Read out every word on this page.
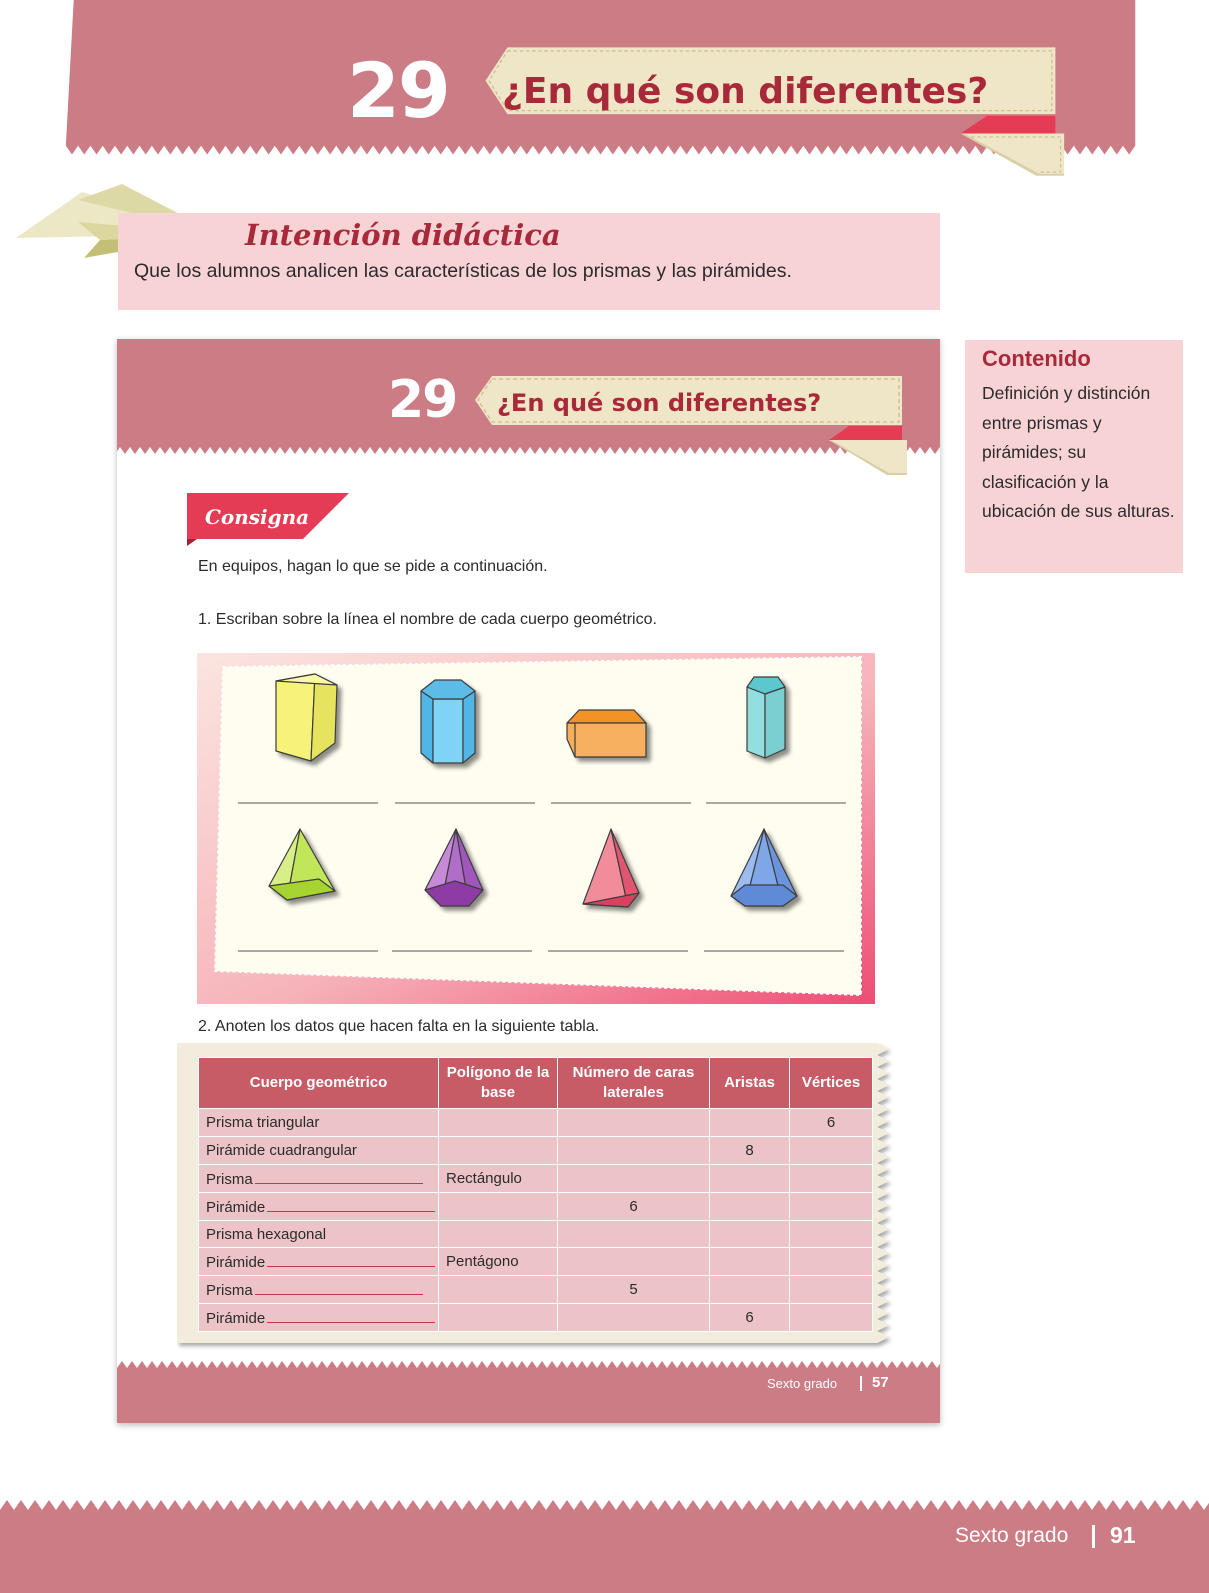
29 ¿En qué son diferentes?
Intención didáctica
Que los alumnos analicen las características de los prismas y las pirámides.
Contenido
Definición y distinción entre prismas y pirámides; su clasificación y la ubicación de sus alturas.
29 ¿En qué son diferentes?
Consigna
En equipos, hagan lo que se pide a continuación.
1. Escriban sobre la línea el nombre de cada cuerpo geométrico.
2. Anoten los datos que hacen falta en la siguiente tabla.
Cuerpo geométrico	Polígono de la base	Número de caras laterales	Aristas	Vértices
Prisma triangular				6
Pirámide cuadrangular			8	
Prisma	Rectángulo			
Pirámide		6		
Prisma hexagonal				
Pirámide	Pentágono			
Prisma		5		
Pirámide			6	
Sexto grado 57
Sexto grado 91
